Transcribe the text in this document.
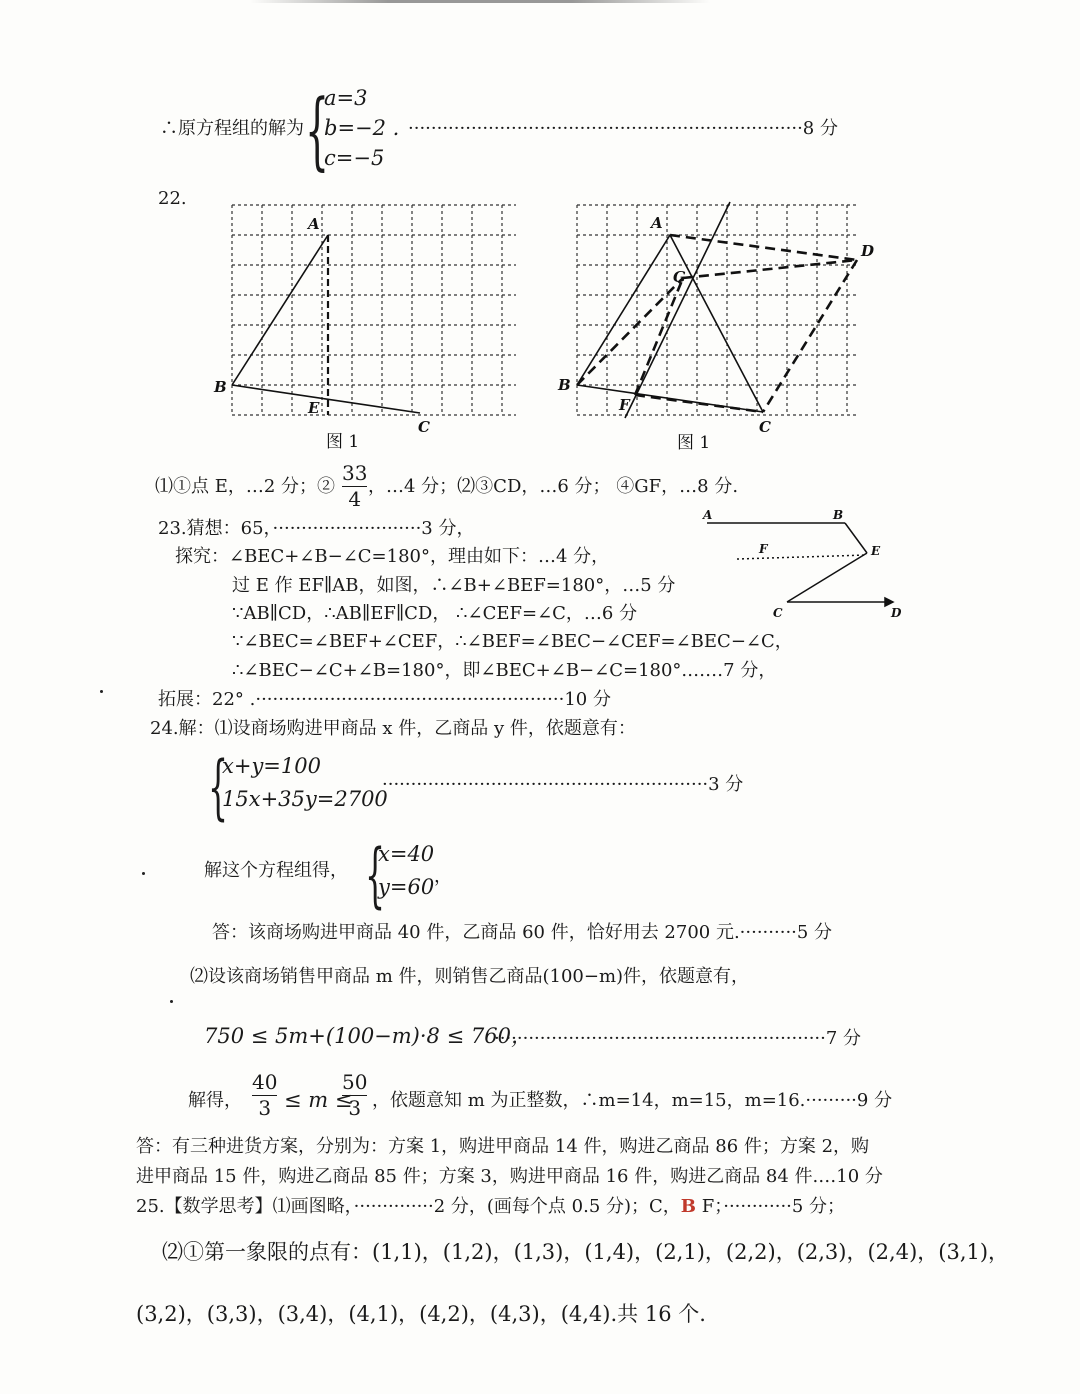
∴原方程组的解为 {
a=3
b=−2 .
c=−5
·····································································8 分
22.
A
B
E
C
图 1
A
D
G
B
F
C
图 1
⑴①点 E，…2 分；②
33
4
，…4 分；⑵③CD，…6 分； ④GF，…8 分.
23.猜想：65，··························3 分，
探究：∠BEC+∠B−∠C=180°，理由如下：…4 分，
过 E 作 EF∥AB，如图，∴∠B+∠BEF=180°，…5 分
∵AB∥CD，∴AB∥EF∥CD， ∴∠CEF=∠C，…6 分
∵∠BEC=∠BEF+∠CEF，∴∠BEF=∠BEC−∠CEF=∠BEC−∠C，
∴∠BEC−∠C+∠B=180°，即∠BEC+∠B−∠C=180°.……7 分，
拓展：22° .······················································10 分
A	B
E
F
C	D
24.解：⑴设商场购进甲商品 x 件，乙商品 y 件，依题意有：
{
x+y=100
15x+35y=2700
·························································3 分
解这个方程组得， {
x=40
y=60 ，
答：该商场购进甲商品 40 件，乙商品 60 件，恰好用去 2700 元.··········5 分
⑵设该商场销售甲商品 m 件，则销售乙商品(100−m)件，依题意有，
750 ≤ 5m+(100−m)·8 ≤ 760，
··························································7 分
解得，
40
3 ≤ m ≤
50
3 ，依题意知 m 为正整数，∴m=14，m=15，m=16.·········9 分
答：有三种进货方案，分别为：方案 1，购进甲商品 14 件，购进乙商品 86 件；方案 2，购
进甲商品 15 件，购进乙商品 85 件；方案 3，购进甲商品 16 件，购进乙商品 84 件.…10 分
25.【数学思考】⑴画图略，··············2 分，(画每个点 0.5 分)；C，B F；············5 分；
⑵①第一象限的点有：(1,1)，(1,2)，(1,3)，(1,4)，(2,1)，(2,2)，(2,3)，(2,4)，(3,1)，
(3,2)，(3,3)，(3,4)，(4,1)，(4,2)，(4,3)，(4,4).共 16 个.
